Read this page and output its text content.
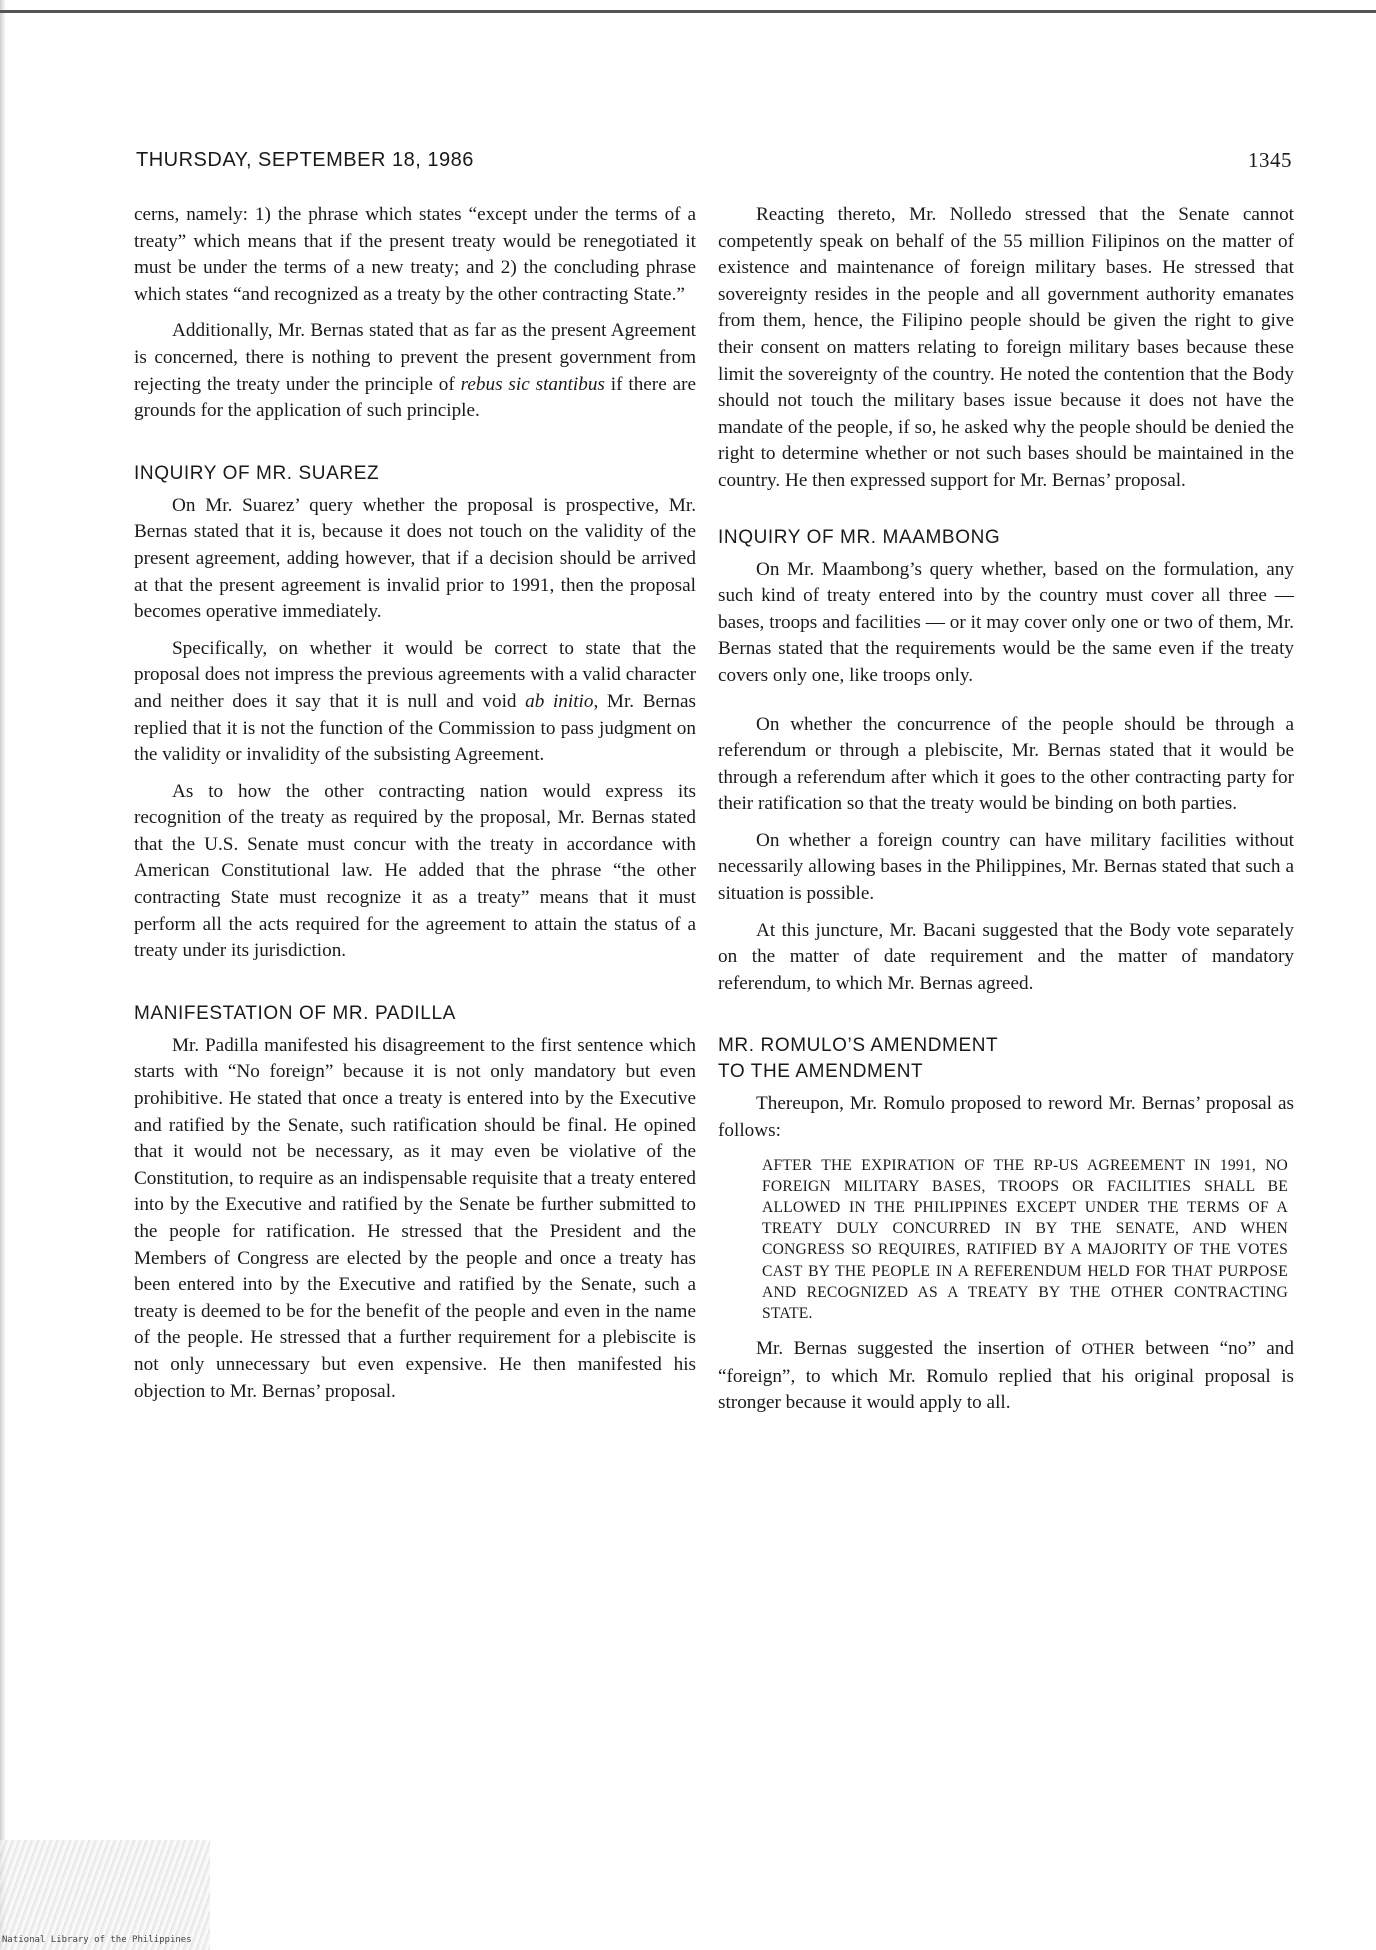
THURSDAY, SEPTEMBER 18, 1986	1345

cerns, namely: 1) the phrase which states “except under the terms of a treaty” which means that if the present treaty would be renegotiated it must be under the terms of a new treaty; and 2) the concluding phrase which states “and recognized as a treaty by the other contracting State.”

Additionally, Mr. Bernas stated that as far as the present Agreement is concerned, there is nothing to prevent the present government from rejecting the treaty under the principle of rebus sic stantibus if there are grounds for the application of such principle.

INQUIRY OF MR. SUAREZ

On Mr. Suarez’ query whether the proposal is prospective, Mr. Bernas stated that it is, because it does not touch on the validity of the present agreement, adding however, that if a decision should be arrived at that the present agreement is invalid prior to 1991, then the proposal becomes operative immediately.

Specifically, on whether it would be correct to state that the proposal does not impress the previous agreements with a valid character and neither does it say that it is null and void ab initio, Mr. Bernas replied that it is not the function of the Commission to pass judgment on the validity or invalidity of the subsisting Agreement.

As to how the other contracting nation would express its recognition of the treaty as required by the proposal, Mr. Bernas stated that the U.S. Senate must concur with the treaty in accordance with American Constitutional law. He added that the phrase “the other contracting State must recognize it as a treaty” means that it must perform all the acts required for the agreement to attain the status of a treaty under its jurisdiction.

MANIFESTATION OF MR. PADILLA

Mr. Padilla manifested his disagreement to the first sentence which starts with “No foreign” because it is not only mandatory but even prohibitive. He stated that once a treaty is entered into by the Executive and ratified by the Senate, such ratification should be final. He opined that it would not be necessary, as it may even be violative of the Constitution, to require as an indispensable requisite that a treaty entered into by the Executive and ratified by the Senate be further submitted to the people for ratification. He stressed that the President and the Members of Congress are elected by the people and once a treaty has been entered into by the Executive and ratified by the Senate, such a treaty is deemed to be for the benefit of the people and even in the name of the people. He stressed that a further requirement for a plebiscite is not only unnecessary but even expensive. He then manifested his objection to Mr. Bernas’ proposal.

Reacting thereto, Mr. Nolledo stressed that the Senate cannot competently speak on behalf of the 55 million Filipinos on the matter of existence and maintenance of foreign military bases. He stressed that sovereignty resides in the people and all government authority emanates from them, hence, the Filipino people should be given the right to give their consent on matters relating to foreign military bases because these limit the sovereignty of the country. He noted the contention that the Body should not touch the military bases issue because it does not have the mandate of the people, if so, he asked why the people should be denied the right to determine whether or not such bases should be maintained in the country. He then expressed support for Mr. Bernas’ proposal.

INQUIRY OF MR. MAAMBONG

On Mr. Maambong’s query whether, based on the formulation, any such kind of treaty entered into by the country must cover all three — bases, troops and facilities — or it may cover only one or two of them, Mr. Bernas stated that the requirements would be the same even if the treaty covers only one, like troops only.

On whether the concurrence of the people should be through a referendum or through a plebiscite, Mr. Bernas stated that it would be through a referendum after which it goes to the other contracting party for their ratification so that the treaty would be binding on both parties.

On whether a foreign country can have military facilities without necessarily allowing bases in the Philippines, Mr. Bernas stated that such a situation is possible.

At this juncture, Mr. Bacani suggested that the Body vote separately on the matter of date requirement and the matter of mandatory referendum, to which Mr. Bernas agreed.

MR. ROMULO’S AMENDMENT
TO THE AMENDMENT

Thereupon, Mr. Romulo proposed to reword Mr. Bernas’ proposal as follows:

AFTER THE EXPIRATION OF THE RP-US AGREEMENT IN 1991, NO FOREIGN MILITARY BASES, TROOPS OR FACILITIES SHALL BE ALLOWED IN THE PHILIPPINES EXCEPT UNDER THE TERMS OF A TREATY DULY CONCURRED IN BY THE SENATE, AND WHEN CONGRESS SO REQUIRES, RATIFIED BY A MAJORITY OF THE VOTES CAST BY THE PEOPLE IN A REFERENDUM HELD FOR THAT PURPOSE AND RECOGNIZED AS A TREATY BY THE OTHER CONTRACTING STATE.

Mr. Bernas suggested the insertion of OTHER between “no” and “foreign”, to which Mr. Romulo replied that his original proposal is stronger because it would apply to all.

National Library of the Philippines
